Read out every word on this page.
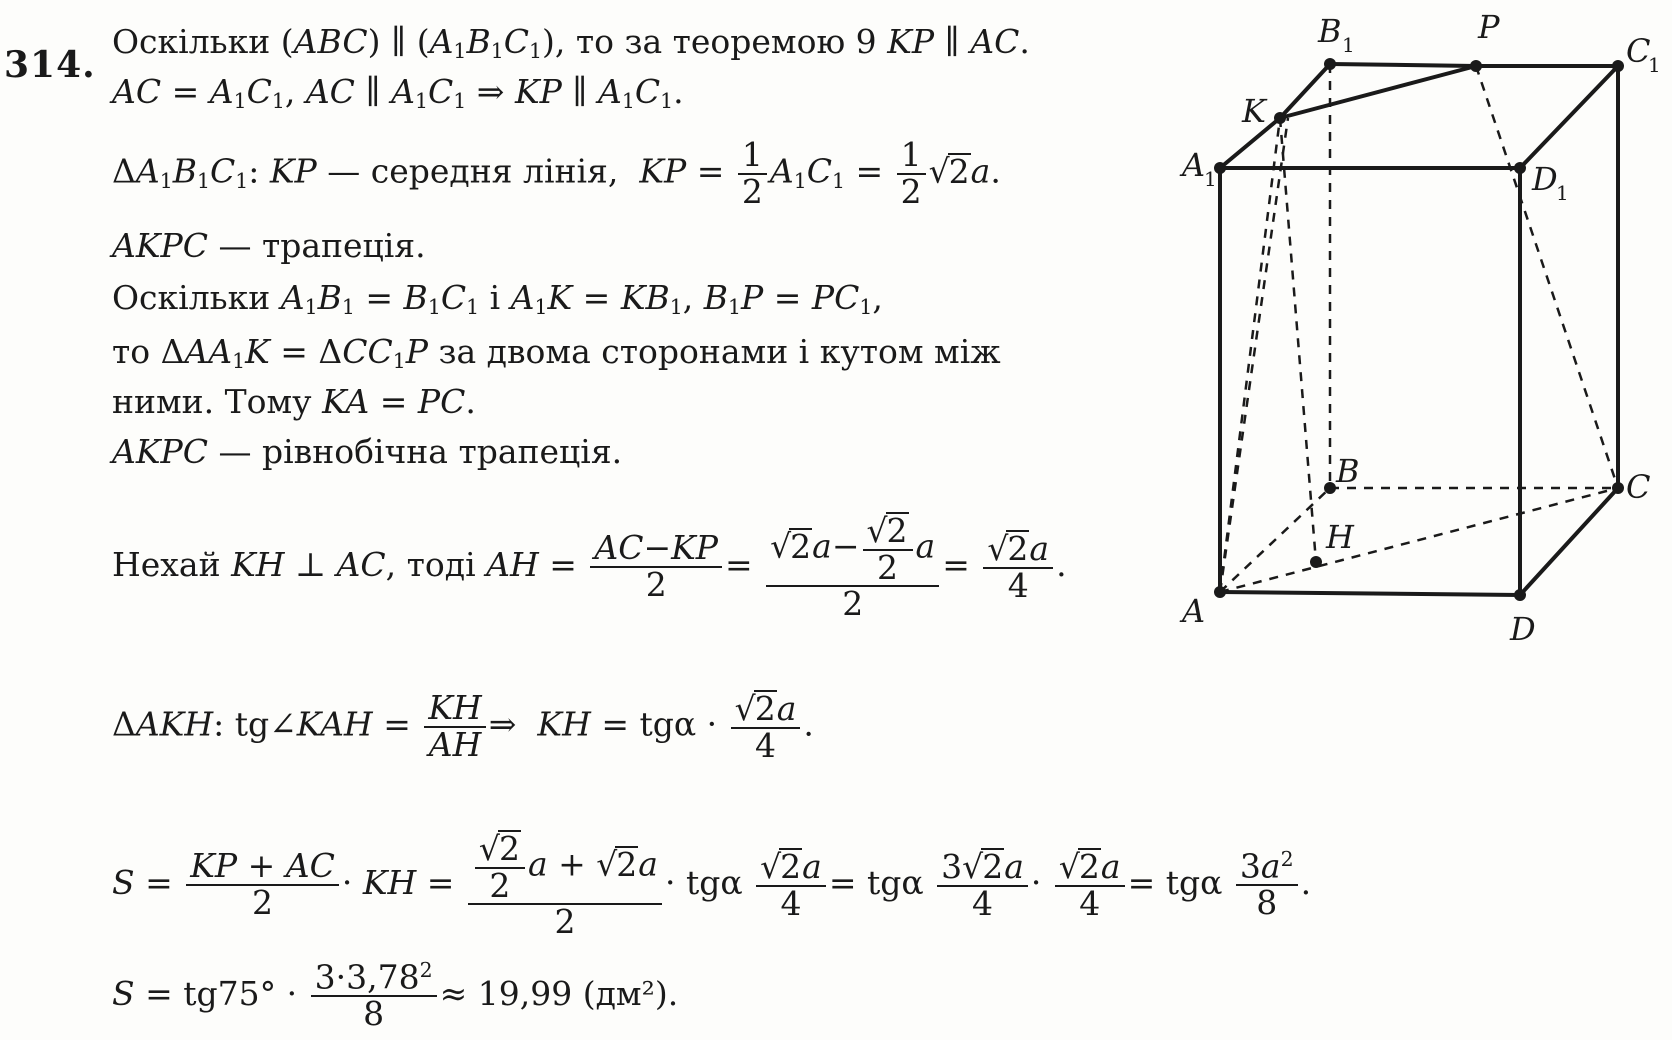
314.
Оскільки (ABC) ∥ $(A_1B_1C_1)$, то за теоремою 9 KP ∥ AC.
AC = $A_1C_1$, AC ∥ $A_1C_1$ ⇒ KP ∥ $A_1C_1$.
$\Delta A_1B_1C_1$: KP — середня лінія, KP = $\frac{1}{2} A_1C_1 = \frac{1}{2} √2a$.
AKPC — трапеція.
Оскільки $A_1B_1 = B_1C_1$ і $A_1K = KB_1$, $B_1P = PC_1$,
то $\Delta AA_1K = \Delta CC_1P$ за двома сторонами і кутом між
ними. Тому KA = PC.
AKPC — рівнобічна трапеція.
Нехай KH ⊥ AC, тоді AH = $\frac{AC-KP}{2} = \frac{√2a- \frac{√2}{2} a}{2} = \frac{√2a}{4}$ .
ΔAKH: tg∠KAH = $\frac{KH}{AH}$ ⇒  KH = $tg\alpha \cdot \frac{√2a}{4}$ .
$S = \frac{KP + AC}{2}$ · KH = $\frac{\frac{√2}{2} a + √2a}{2} \cdot tg\alpha \frac{√2a}{4} = tg\alpha \frac{3√2a}{4} \cdot \frac{√2a}{4} = tg\alpha \frac{3a^2}{8}$ .
$S = tg75^\circ \cdot \frac{3\cdot 3,78^2}{8} \approx 19,99$ (дм²).
B 1	P
C
1
K
A
1	D
1
B	C
H
A	D
